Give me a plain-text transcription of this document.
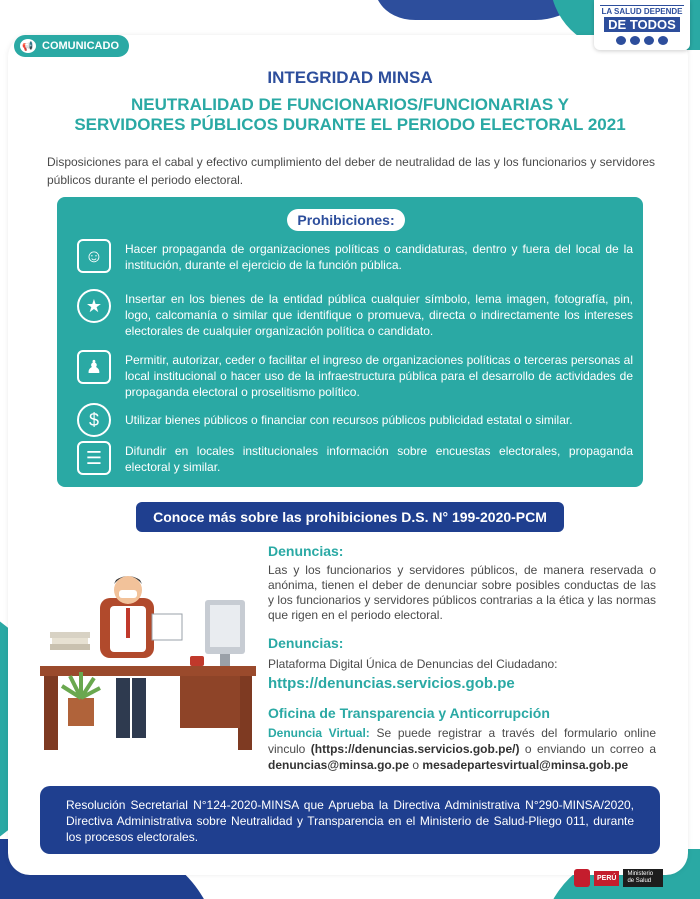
📢 COMUNICADO
LA SALUD DEPENDE
DE TODOS
INTEGRIDAD MINSA
NEUTRALIDAD DE FUNCIONARIOS/FUNCIONARIAS Y
SERVIDORES PÚBLICOS DURANTE EL PERIODO ELECTORAL 2021
Disposiciones para el cabal y efectivo cumplimiento del deber de neutralidad de las y los funcionarios y servidores públicos durante el periodo electoral.
Prohibiciones:
☺	Hacer propaganda de organizaciones políticas o candidaturas, dentro y fuera del local de la institución, durante el ejercicio de la función pública.
★	Insertar en los bienes de la entidad pública cualquier símbolo, lema imagen, fotografía, pin, logo, calcomanía o similar que identifique o promueva, directa o indirectamente los intereses electorales de cualquier organización política o candidato.
♟	Permitir, autorizar, ceder o facilitar el ingreso de organizaciones políticas o terceras personas al local institucional o hacer uso de la infraestructura pública para el desarrollo de actividades de propaganda electoral o proselitismo político.
$	Utilizar bienes públicos o financiar con recursos públicos publicidad estatal o similar.
☰	Difundir en locales institucionales información sobre encuestas electorales, propaganda electoral y similar.
Conoce más sobre las prohibiciones D.S. N° 199-2020-PCM
Denuncias:
Las y los funcionarios y servidores públicos, de manera reservada o anónima, tienen el deber de denunciar sobre posibles conductas de las y los funcionarios y servidores públicos contrarias a la ética y las normas que rigen en el periodo electoral.
Denuncias:
Plataforma Digital Única de Denuncias del Ciudadano:
https://denuncias.servicios.gob.pe
Oficina de Transparencia y Anticorrupción
Denuncia Virtual: Se puede registrar a través del formulario online vinculo (https://denuncias.servicios.gob.pe/) o enviando un correo a denuncias@minsa.go.pe o mesadepartesvirtual@minsa.gob.pe
Resolución Secretarial N°124-2020-MINSA que Aprueba la Directiva Administrativa N°290-MINSA/2020, Directiva Administrativa sobre Neutralidad y Transparencia en el Ministerio de Salud-Pliego 011, durante los procesos electorales.
PERÚ
Ministerio de Salud
